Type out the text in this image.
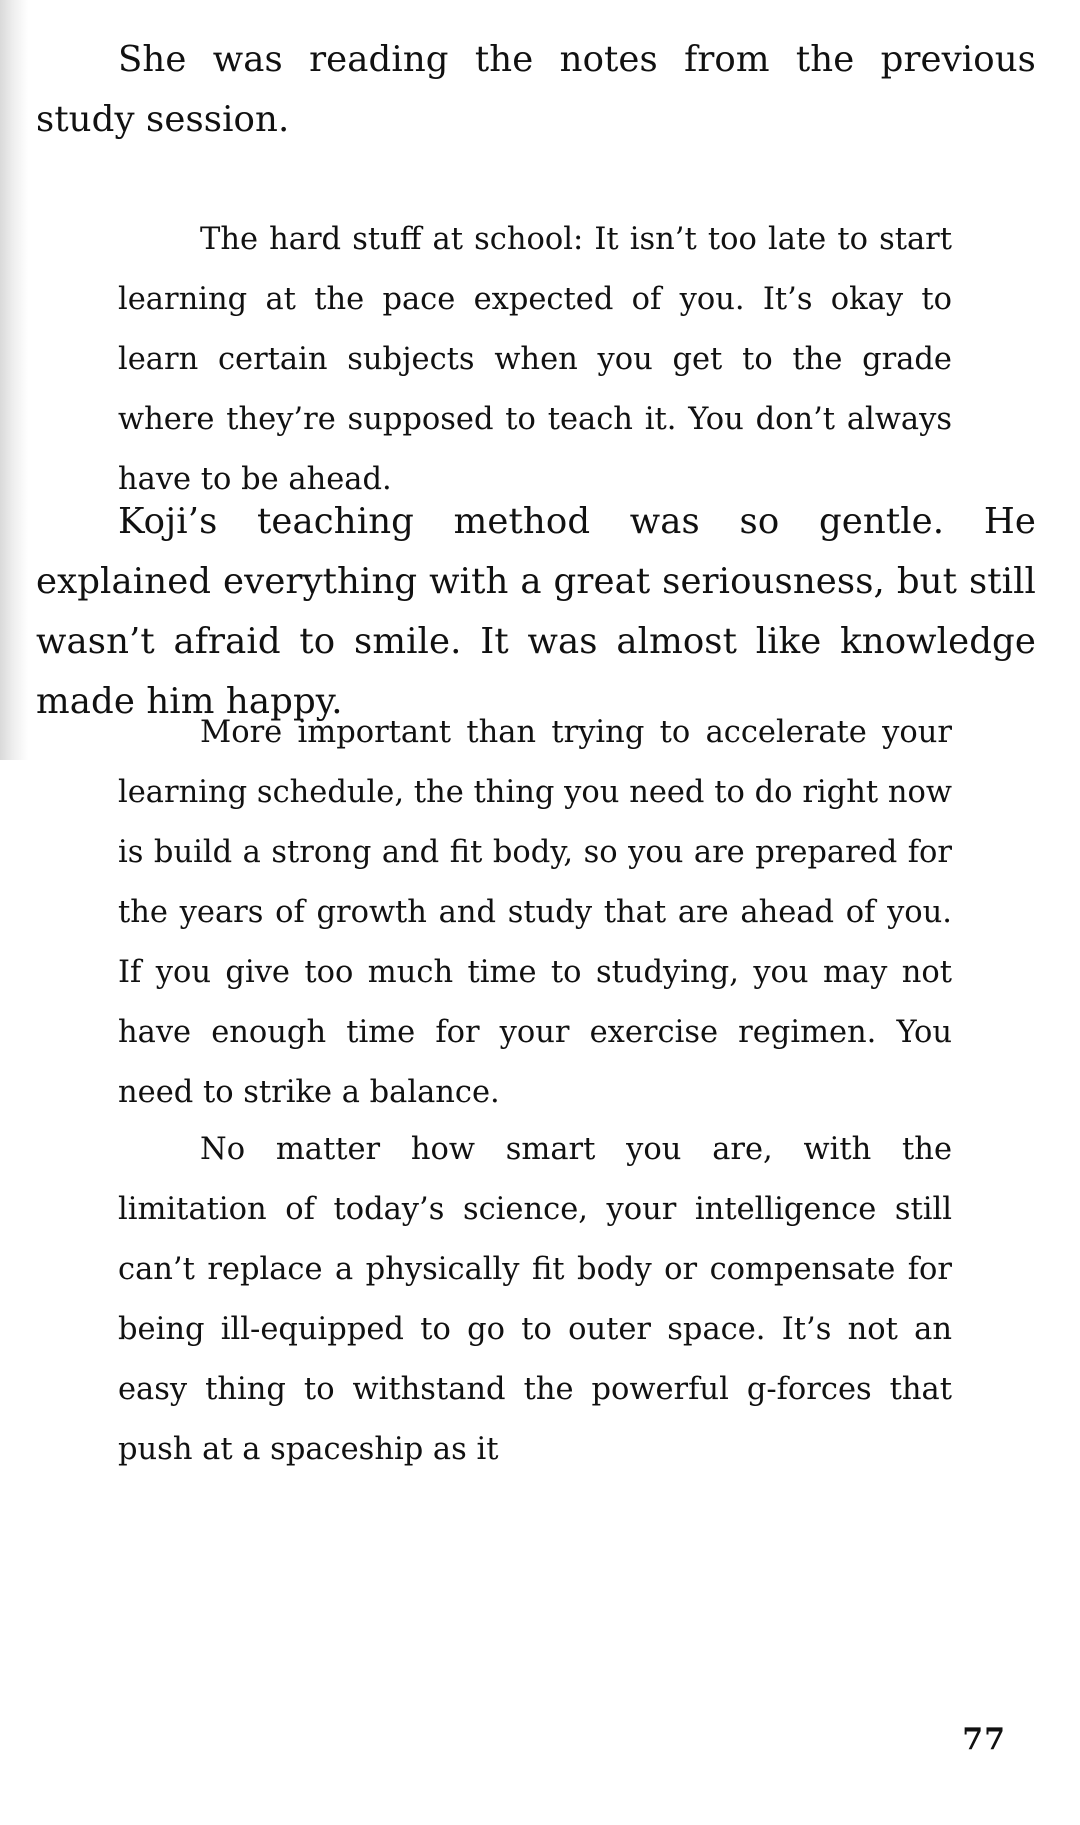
She was reading the notes from the previous study session.

The hard stuff at school: It isn’t too late to start learning at the pace expected of you. It’s okay to learn certain subjects when you get to the grade where they’re supposed to teach it. You don’t always have to be ahead.

Koji’s teaching method was so gentle. He explained everything with a great seriousness, but still wasn’t afraid to smile. It was almost like knowledge made him happy.

More important than trying to accelerate your learning schedule, the thing you need to do right now is build a strong and fit body, so you are prepared for the years of growth and study that are ahead of you. If you give too much time to studying, you may not have enough time for your exercise regimen. You need to strike a balance.

No matter how smart you are, with the limitation of today’s science, your intelligence still can’t replace a physically fit body or compensate for being ill-equipped to go to outer space. It’s not an easy thing to withstand the powerful g-forces that push at a spaceship as it

77
